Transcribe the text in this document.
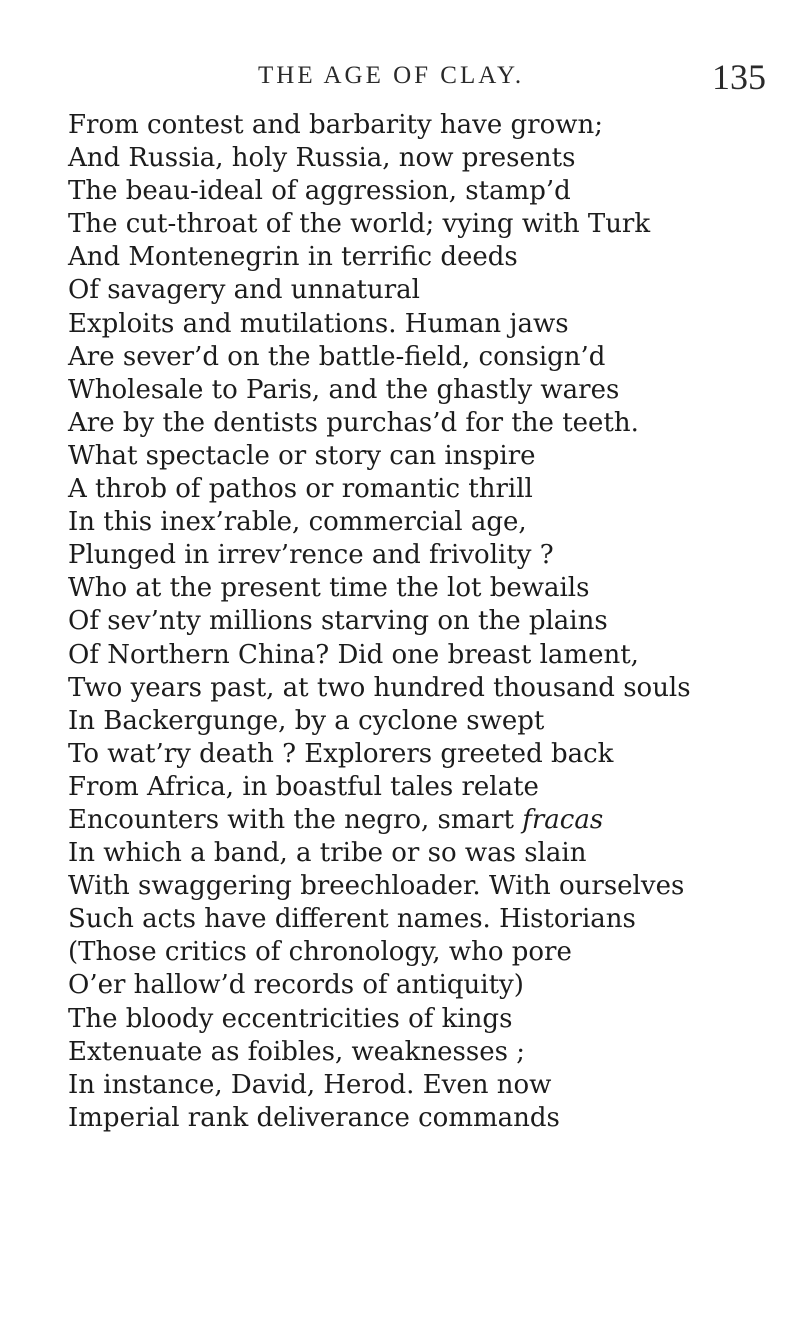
THE AGE OF CLAY.	135
From contest and barbarity have grown;
And Russia, holy Russia, now presents
The beau-ideal of aggression, stamp’d
The cut-throat of the world; vying with Turk
And Montenegrin in terrific deeds
Of savagery and unnatural
Exploits and mutilations. Human jaws
Are sever’d on the battle-field, consign’d
Wholesale to Paris, and the ghastly wares
Are by the dentists purchas’d for the teeth.
What spectacle or story can inspire
A throb of pathos or romantic thrill
In this inex’rable, commercial age,
Plunged in irrev’rence and frivolity ?
Who at the present time the lot bewails
Of sev’nty millions starving on the plains
Of Northern China? Did one breast lament,
Two years past, at two hundred thousand souls
In Backergunge, by a cyclone swept
To wat’ry death ? Explorers greeted back
From Africa, in boastful tales relate
Encounters with the negro, smart fracas
In which a band, a tribe or so was slain
With swaggering breechloader. With ourselves
Such acts have different names. Historians
(Those critics of chronology, who pore
O’er hallow’d records of antiquity)
The bloody eccentricities of kings
Extenuate as foibles, weaknesses ;
In instance, David, Herod. Even now
Imperial rank deliverance commands
